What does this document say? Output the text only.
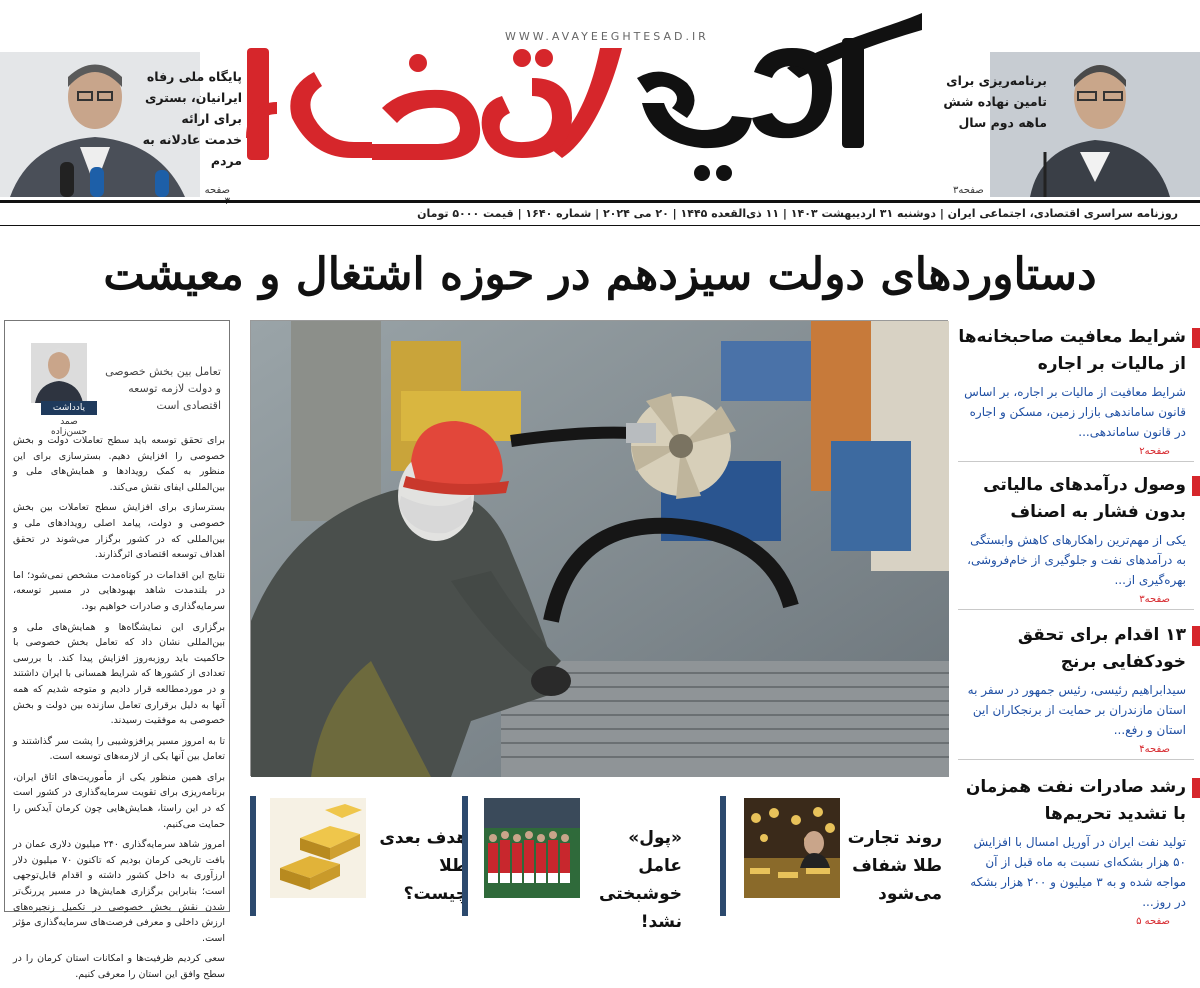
WWW.AVAYEEGHTESAD.IR
برنامه‌ریزی برای تامین نهاده شش ماهه دوم سال
صفحه۳
پایگاه ملی رفاه ایرانیان، بستری برای ارائه خدمت عادلانه به مردم
صفحه ۳
روزنامه سراسری اقتصادی، اجتماعی ایران | دوشنبه ۳۱ اردیبهشت ۱۴۰۳ | ۱۱ ذی‌القعده ۱۴۴۵ | ۲۰ می ۲۰۲۴ | شماره ۱۶۴۰ | قیمت ۵۰۰۰ تومان
دستاوردهای دولت سیزدهم در حوزه اشتغال و معیشت
تعامل بین بخش خصوصی و دولت لازمه توسعه اقتصادی است
یادداشت
صمد حسن‌زاده

برای تحقق توسعه باید سطح تعاملات دولت و بخش خصوصی را افزایش دهیم. بسترسازی برای این منظور به کمک رویدادها و همایش‌های ملی و بین‌المللی ایفای نقش می‌کند.

بسترسازی برای افزایش سطح تعاملات بین بخش خصوصی و دولت، پیامد اصلی رویدادهای ملی و بین‌المللی که در کشور برگزار می‌شوند در تحقق اهداف توسعه اقتصادی اثرگذارند.

نتایج این اقدامات در کوتاه‌مدت مشخص نمی‌شود؛ اما در بلندمدت شاهد بهبودهایی در مسیر توسعه، سرمایه‌گذاری و صادرات خواهیم بود.

برگزاری این نمایشگاه‌ها و همایش‌های ملی و بین‌المللی نشان داد که تعامل بخش خصوصی با حاکمیت باید روزبه‌روز افزایش پیدا کند. با بررسی تعدادی از کشورها که شرایط همسانی با ایران داشتند و در موردمطالعه قرار دادیم و متوجه شدیم که همه آنها به دلیل برقراری تعامل سازنده بین دولت و بخش خصوصی به موفقیت رسیدند.

تا به امروز مسیر پرافزوشیبی را پشت سر گذاشتند و تعامل بین آنها یکی از لازمه‌های توسعه است.

برای همین منظور یکی از مأموریت‌های اتاق ایران، برنامه‌ریزی برای تقویت سرمایه‌گذاری در کشور است که در این راستا، همایش‌هایی چون کرمان آیدکس را حمایت می‌کنیم.

امروز شاهد سرمایه‌گذاری ۲۴۰ میلیون دلاری عمان در بافت تاریخی کرمان بودیم که تاکنون ۷۰ میلیون دلار ارزآوری به داخل کشور داشته و اقدام قابل‌توجهی است؛ بنابراین برگزاری همایش‌ها در مسیر پررنگ‌تر شدن نقش بخش خصوصی در تکمیل زنجیره‌های ارزش داخلی و معرفی فرصت‌های سرمایه‌گذاری مؤثر است.

سعی کردیم ظرفیت‌ها و امکانات استان کرمان را در سطح وافق این استان را معرفی کنیم.

شرایط معافیت صاحبخانه‌ها از مالیات بر اجاره
شرایط معافیت از مالیات بر اجاره، بر اساس قانون ساماندهی بازار زمین، مسکن و اجاره در قانون ساماندهی...
صفحه۲
وصول درآمدهای مالیاتی بدون فشار به اصناف
یکی از مهم‌ترین راهکارهای کاهش وابستگی به درآمدهای نفت و جلوگیری از خام‌فروشی، بهره‌گیری از...
صفحه۳
۱۳ اقدام برای تحقق خودکفایی برنج
سیدابراهیم رئیسی، رئیس جمهور در سفر به استان مازندران بر حمایت از برنجکاران این استان و رفع...
صفحه۴
رشد صادرات نفت همزمان با تشدید تحریم‌ها
تولید نفت ایران در آوریل امسال با افزایش ۵۰ هزار بشکه‌ای نسبت به ماه قبل از آن مواجه شده و به ۳ میلیون و ۲۰۰ هزار بشکه در روز...
صفحه ۵
هدف بعدی طلا چیست؟
«پول» عامل خوشبختی نشد!
روند تجارت طلا شفاف می‌شود
